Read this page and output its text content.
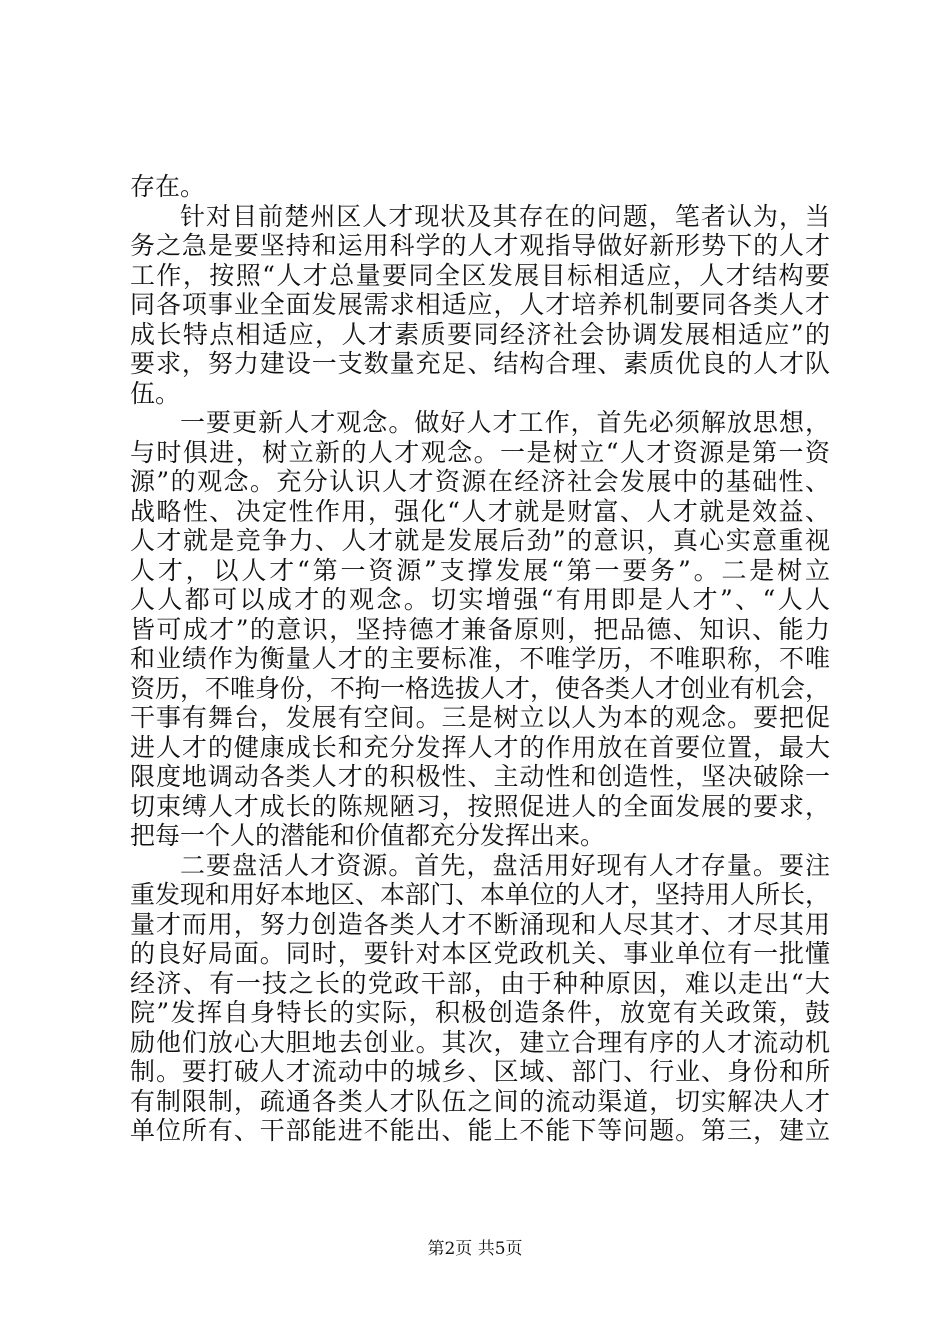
存在。
针对目前楚州区人才现状及其存在的问题，笔者认为，当
务之急是要坚持和运用科学的人才观指导做好新形势下的人才
工作，按照“人才总量要同全区发展目标相适应，人才结构要
同各项事业全面发展需求相适应，人才培养机制要同各类人才
成长特点相适应，人才素质要同经济社会协调发展相适应”的
要求，努力建设一支数量充足、结构合理、素质优良的人才队
伍。
一要更新人才观念。做好人才工作，首先必须解放思想，
与时俱进，树立新的人才观念。一是树立“人才资源是第一资
源”的观念。充分认识人才资源在经济社会发展中的基础性、
战略性、决定性作用，强化“人才就是财富、人才就是效益、
人才就是竞争力、人才就是发展后劲”的意识，真心实意重视
人才，以人才“第一资源”支撑发展“第一要务”。二是树立
人人都可以成才的观念。切实增强“有用即是人才”、“人人
皆可成才”的意识，坚持德才兼备原则，把品德、知识、能力
和业绩作为衡量人才的主要标准，不唯学历，不唯职称，不唯
资历，不唯身份，不拘一格选拔人才，使各类人才创业有机会，
干事有舞台，发展有空间。三是树立以人为本的观念。要把促
进人才的健康成长和充分发挥人才的作用放在首要位置，最大
限度地调动各类人才的积极性、主动性和创造性，坚决破除一
切束缚人才成长的陈规陋习，按照促进人的全面发展的要求，
把每一个人的潜能和价值都充分发挥出来。
二要盘活人才资源。首先，盘活用好现有人才存量。要注
重发现和用好本地区、本部门、本单位的人才，坚持用人所长，
量才而用，努力创造各类人才不断涌现和人尽其才、才尽其用
的良好局面。同时，要针对本区党政机关、事业单位有一批懂
经济、有一技之长的党政干部，由于种种原因，难以走出“大
院”发挥自身特长的实际，积极创造条件，放宽有关政策，鼓
励他们放心大胆地去创业。其次，建立合理有序的人才流动机
制。要打破人才流动中的城乡、区域、部门、行业、身份和所
有制限制，疏通各类人才队伍之间的流动渠道，切实解决人才
单位所有、干部能进不能出、能上不能下等问题。第三，建立
第2页 共5页
